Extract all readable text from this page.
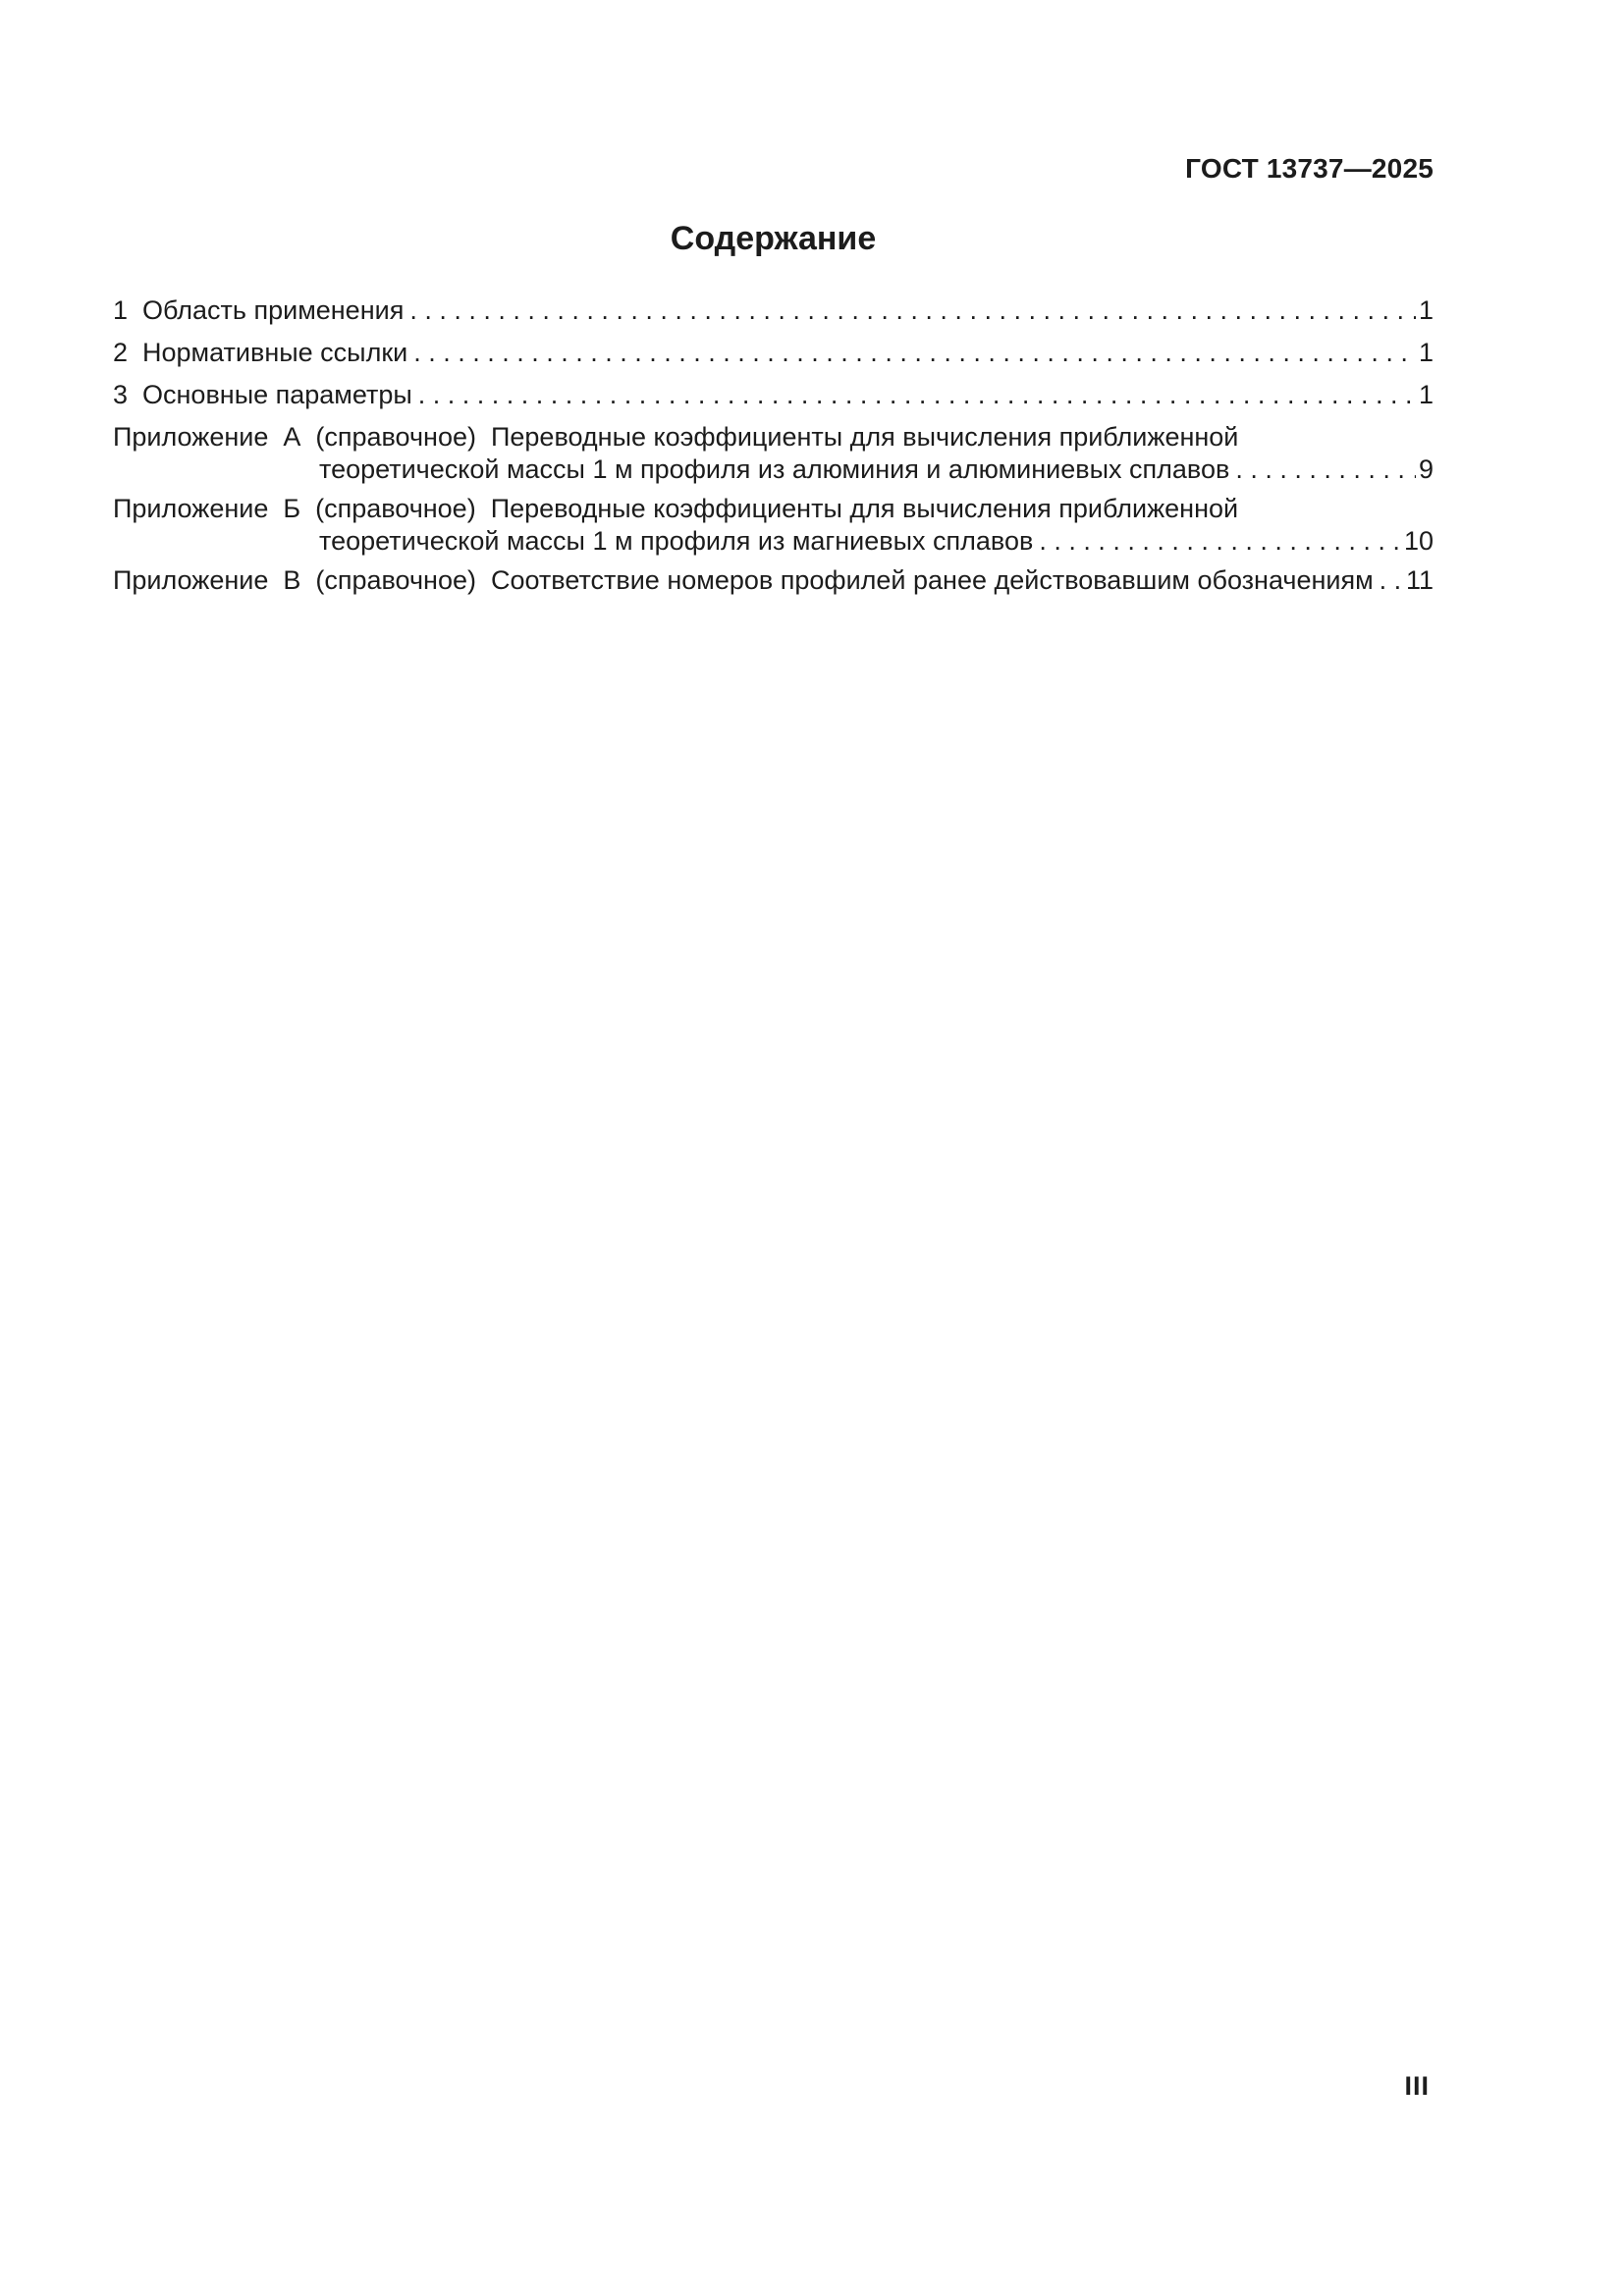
ГОСТ 13737—2025
Содержание
1  Область применения . . .	1
2  Нормативные ссылки . . .	1
3  Основные параметры . . .	1
Приложение  А  (справочное)  Переводные коэффициенты для вычисления приближенной
теоретической массы 1 м профиля из алюминия и алюминиевых сплавов . . .	9
Приложение  Б  (справочное)  Переводные коэффициенты для вычисления приближенной
теоретической массы 1 м профиля из магниевых сплавов . . .	10
Приложение  В  (справочное)  Соответствие номеров профилей ранее действовавшим обозначениям . . . 11
III
